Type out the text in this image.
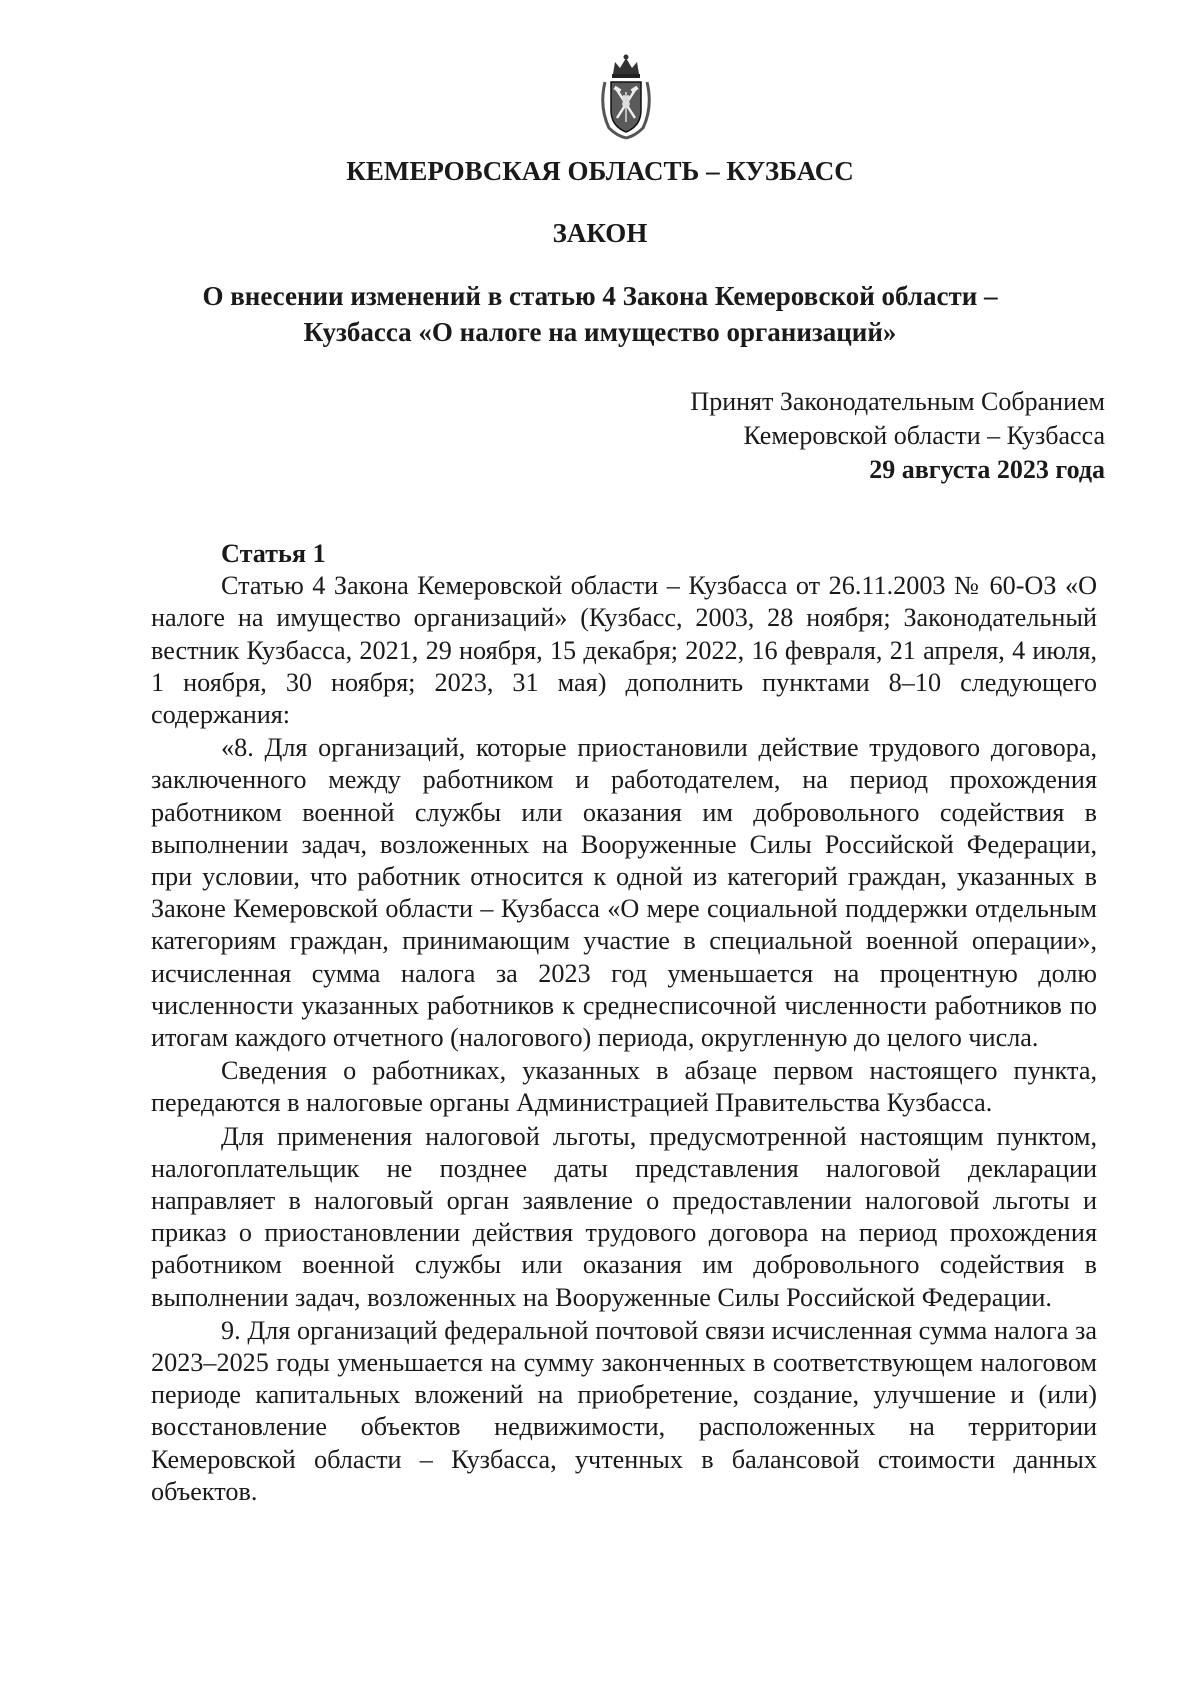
КЕМЕРОВСКАЯ ОБЛАСТЬ – КУЗБАСС
ЗАКОН
О внесении изменений в статью 4 Закона Кемеровской области –
Кузбасса «О налоге на имущество организаций»
Принят Законодательным Собранием
Кемеровской области – Кузбасса
29 августа 2023 года
Статья 1

Статью 4 Закона Кемеровской области – Кузбасса от 26.11.2003 № 60-ОЗ «О налоге на имущество организаций» (Кузбасс, 2003, 28 ноября; Законодательный вестник Кузбасса, 2021, 29 ноября, 15 декабря; 2022, 16 февраля, 21 апреля, 4 июля, 1 ноября, 30 ноября; 2023, 31 мая) дополнить пунктами 8–10 следующего содержания:

«8. Для организаций, которые приостановили действие трудового договора, заключенного между работником и работодателем, на период прохождения работником военной службы или оказания им добровольного содействия в выполнении задач, возложенных на Вооруженные Силы Российской Федерации, при условии, что работник относится к одной из категорий граждан, указанных в Законе Кемеровской области – Кузбасса «О мере социальной поддержки отдельным категориям граждан, принимающим участие в специальной военной операции», исчисленная сумма налога за 2023 год уменьшается на процентную долю численности указанных работников к среднесписочной численности работников по итогам каждого отчетного (налогового) периода, округленную до целого числа.

Сведения о работниках, указанных в абзаце первом настоящего пункта, передаются в налоговые органы Администрацией Правительства Кузбасса.

Для применения налоговой льготы, предусмотренной настоящим пунктом, налогоплательщик не позднее даты представления налоговой декларации направляет в налоговый орган заявление о предоставлении налоговой льготы и приказ о приостановлении действия трудового договора на период прохождения работником военной службы или оказания им добровольного содействия в выполнении задач, возложенных на Вооруженные Силы Российской Федерации.

9. Для организаций федеральной почтовой связи исчисленная сумма налога за 2023–2025 годы уменьшается на сумму законченных в соответствующем налоговом периоде капитальных вложений на приобретение, создание, улучшение и (или) восстановление объектов недвижимости, расположенных на территории Кемеровской области – Кузбасса, учтенных в балансовой стоимости данных объектов.
